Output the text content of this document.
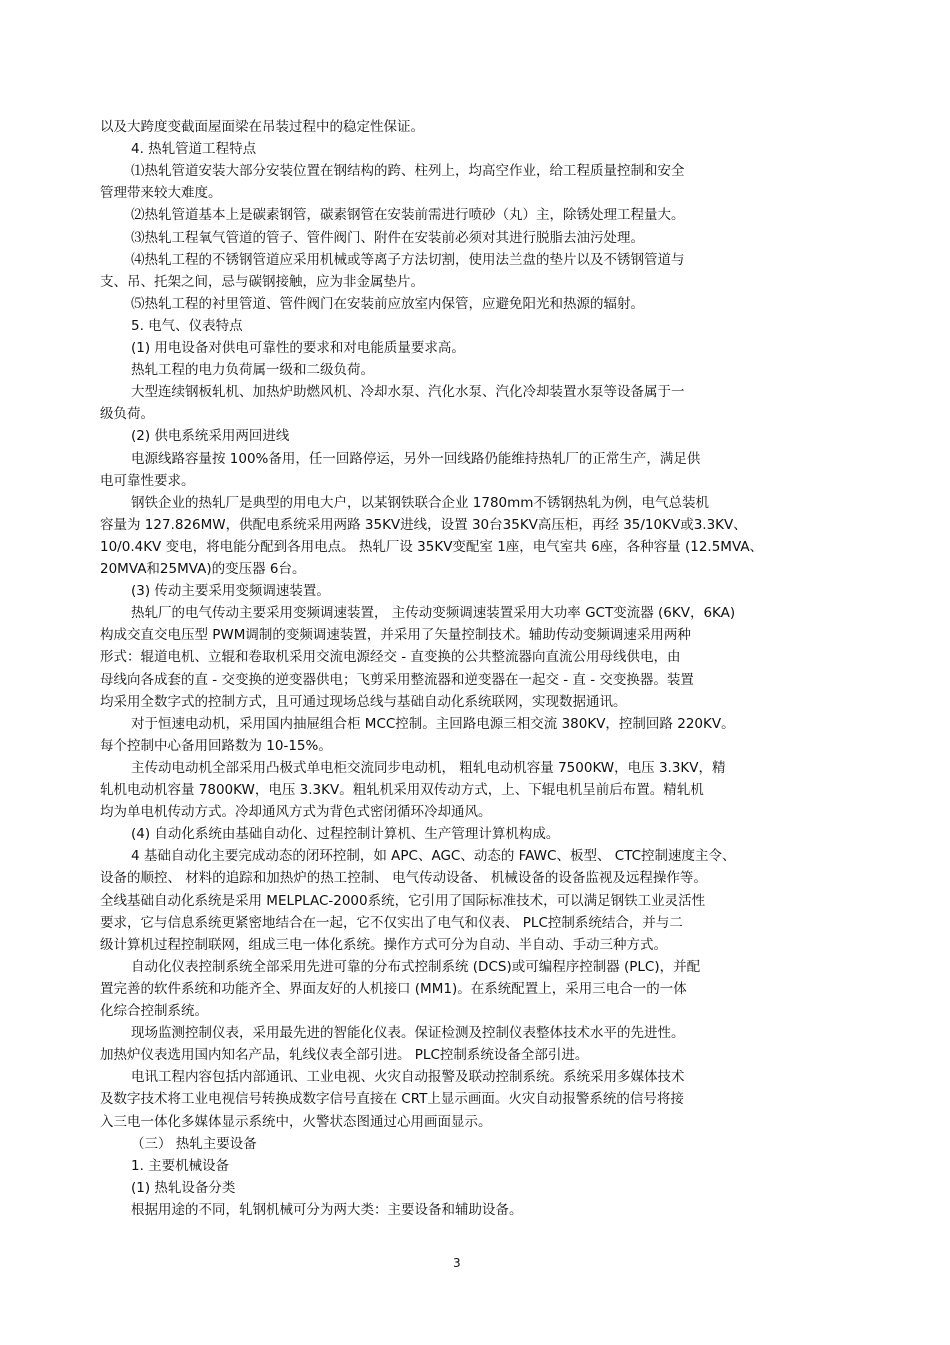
以及大跨度变截面屋面梁在吊装过程中的稳定性保证。
4. 热轧管道工程特点
⑴热轧管道安装大部分安装位置在钢结构的跨、柱列上，均高空作业，给工程质量控制和安全
管理带来较大难度。
⑵热轧管道基本上是碳素钢管，碳素钢管在安装前需进行喷砂（丸）主，除锈处理工程量大。
⑶热轧工程氧气管道的管子、管件阀门、附件在安装前必须对其进行脱脂去油污处理。
⑷热轧工程的不锈钢管道应采用机械或等离子方法切割，使用法兰盘的垫片以及不锈钢管道与
支、吊、托架之间，忌与碳钢接触，应为非金属垫片。
⑸热轧工程的衬里管道、管件阀门在安装前应放室内保管，应避免阳光和热源的辐射。
5. 电气、仪表特点
(1) 用电设备对供电可靠性的要求和对电能质量要求高。
热轧工程的电力负荷属一级和二级负荷。
大型连续钢板轧机、加热炉助燃风机、冷却水泵、汽化水泵、汽化冷却装置水泵等设备属于一
级负荷。
(2) 供电系统采用两回进线
电源线路容量按 100%备用，任一回路停运，另外一回线路仍能维持热轧厂的正常生产，满足供
电可靠性要求。
钢铁企业的热轧厂是典型的用电大户，以某钢铁联合企业 1780mm不锈钢热轧为例，电气总装机
容量为 127.826MW，供配电系统采用两路 35KV进线，设置 30台35KV高压柜，再经 35/10KV或3.3KV、
10/0.4KV 变电，将电能分配到各用电点。 热轧厂设 35KV变配室 1座，电气室共 6座，各种容量 (12.5MVA、
20MVA和25MVA)的变压器 6台。
(3) 传动主要采用变频调速装置。
热轧厂的电气传动主要采用变频调速装置， 主传动变频调速装置采用大功率 GCT变流器 (6KV，6KA)
构成交直交电压型 PWM调制的变频调速装置，并采用了矢量控制技术。辅助传动变频调速采用两种
形式：辊道电机、立辊和卷取机采用交流电源经交 - 直变换的公共整流器向直流公用母线供电，由
母线向各成套的直 - 交变换的逆变器供电；飞剪采用整流器和逆变器在一起交 - 直 - 交变换器。装置
均采用全数字式的控制方式，且可通过现场总线与基础自动化系统联网，实现数据通讯。
对于恒速电动机，采用国内抽屉组合柜 MCC控制。主回路电源三相交流 380KV，控制回路 220KV。
每个控制中心备用回路数为 10-15%。
主传动电动机全部采用凸极式单电柜交流同步电动机， 粗轧电动机容量 7500KW，电压 3.3KV，精
轧机电动机容量 7800KW，电压 3.3KV。粗轧机采用双传动方式，上、下辊电机呈前后布置。精轧机
均为单电机传动方式。冷却通风方式为背色式密闭循环冷却通风。
(4) 自动化系统由基础自动化、过程控制计算机、生产管理计算机构成。
4 基础自动化主要完成动态的闭环控制，如 APC、AGC、动态的 FAWC、板型、 CTC控制速度主令、
设备的顺控、 材料的追踪和加热炉的热工控制、 电气传动设备、 机械设备的设备监视及远程操作等。
全线基础自动化系统是采用 MELPLAC-2000系统，它引用了国际标准技术，可以满足钢铁工业灵活性
要求，它与信息系统更紧密地结合在一起，它不仅实出了电气和仪表、 PLC控制系统结合，并与二
级计算机过程控制联网，组成三电一体化系统。操作方式可分为自动、半自动、手动三种方式。
自动化仪表控制系统全部采用先进可靠的分布式控制系统 (DCS)或可编程序控制器 (PLC)，并配
置完善的软件系统和功能齐全、界面友好的人机接口 (MM1)。在系统配置上，采用三电合一的一体
化综合控制系统。
现场监测控制仪表，采用最先进的智能化仪表。保证检测及控制仪表整体技术水平的先进性。
加热炉仪表选用国内知名产品，轧线仪表全部引进。 PLC控制系统设备全部引进。
电讯工程内容包括内部通讯、工业电视、火灾自动报警及联动控制系统。系统采用多媒体技术
及数字技术将工业电视信号转换成数字信号直接在 CRT上显示画面。火灾自动报警系统的信号将接
入三电一体化多媒体显示系统中，火警状态图通过心用画面显示。
（三） 热轧主要设备
1. 主要机械设备
(1) 热轧设备分类
根据用途的不同，轧钢机械可分为两大类：主要设备和辅助设备。
3
